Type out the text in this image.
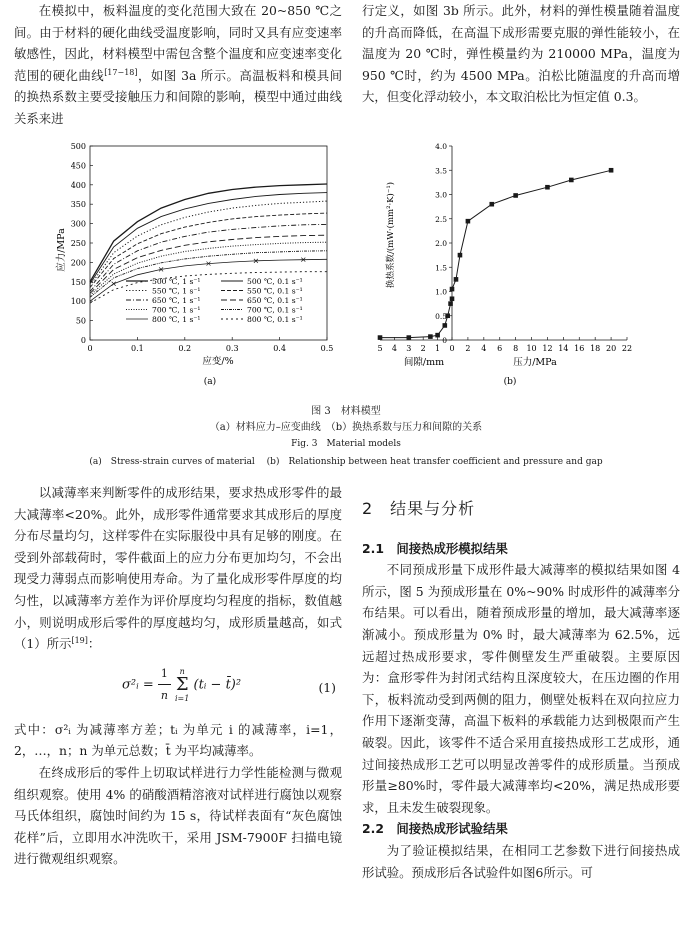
在模拟中，板料温度的变化范围大致在 20~850 ℃之间。由于材料的硬化曲线受温度影响，同时又具有应变速率敏感性，因此，材料模型中需包含整个温度和应变速率变化范围的硬化曲线[17−18]，如图 3a 所示。高温板料和模具间的换热系数主要受接触压力和间隙的影响，模型中通过曲线关系来进

行定义，如图 3b 所示。此外，材料的弹性模量随着温度的升高而降低，在高温下成形需要克服的弹性能较小，在温度为 20 ℃时，弹性模量约为 210000 MPa，温度为 950 ℃时，约为 4500 MPa。泊松比随温度的升高而增大，但变化浮动较小，本文取泊松比为恒定值 0.3。

0
50
100
150
200
250
300
350
400
450
500
0	0.1	0.2	0.3	0.4	0.5
500 ℃, 1 s⁻¹	500 ℃, 0.1 s⁻¹
550 ℃, 1 s⁻¹	550 ℃, 0.1 s⁻¹
650 ℃, 1 s⁻¹	650 ℃, 0.1 s⁻¹
700 ℃, 1 s⁻¹	700 ℃, 0.1 s⁻¹
800 ℃, 1 s⁻¹	800 ℃, 0.1 s⁻¹
应变/%
应力/MPa
(a)
0
0.5
1.0
1.5
2.0
2.5
3.0
3.5
4.0
5 4 3 2 1 0 2 4 6 8 10 12 14 16 18 20 22
换热系数/(mW·(mm²·K)⁻¹)
间隙/mm	压力/MPa
(b)
图 3　材料模型
（a）材料应力–应变曲线　（b）换热系数与压力和间隙的关系
Fig. 3　Material models
(a)　Stress-strain curves of material　 (b)　Relationship between heat transfer coefficient and pressure and gap

以减薄率来判断零件的成形结果，要求热成形零件的最大减薄率<20%。此外，成形零件通常要求其成形后的厚度分布尽量均匀，这样零件在实际服役中具有足够的刚度。在受到外部载荷时，零件截面上的应力分布更加均匀，不会出现受力薄弱点而影响使用寿命。为了量化成形零件厚度的均匀性，以减薄率方差作为评价厚度均匀程度的指标，数值越小，则说明成形后零件的厚度越均匀，成形质量越高，如式（1）所示[19]：

σ²ᵢ = $\frac{1}{n}$
	n
Σ
i=1
(tᵢ − t̄)²	(1)

式中：σ²ᵢ 为减薄率方差；tᵢ 为单元 i 的减薄率，i=1，2，…，n；n 为单元总数；t̄ 为平均减薄率。

在终成形后的零件上切取试样进行力学性能检测与微观组织观察。使用 4% 的硝酸酒精溶液对试样进行腐蚀以观察马氏体组织，腐蚀时间约为 15 s，待试样表面有“灰色腐蚀花样”后，立即用水冲洗吹干，采用 JSM-7900F 扫描电镜进行微观组织观察。

2　结果与分析

2.1　间接热成形模拟结果

不同预成形量下成形件最大减薄率的模拟结果如图 4 所示，图 5 为预成形量在 0%~90% 时成形件的减薄率分布结果。可以看出，随着预成形量的增加，最大减薄率逐渐减小。预成形量为 0% 时，最大减薄率为 62.5%，远远超过热成形要求，零件侧壁发生严重破裂。主要原因为：盒形零件为封闭式结构且深度较大，在压边圈的作用下，板料流动受到两侧的阻力，侧壁处板料在双向拉应力作用下逐渐变薄，高温下板料的承载能力达到极限而产生破裂。因此，该零件不适合采用直接热成形工艺成形，通过间接热成形工艺可以明显改善零件的成形质量。当预成形量≥80%时，零件最大减薄率均<20%，满足热成形要求，且未发生破裂现象。

2.2　间接热成形试验结果

为了验证模拟结果，在相同工艺参数下进行间接热成形试验。预成形后各试验件如图6所示。可
